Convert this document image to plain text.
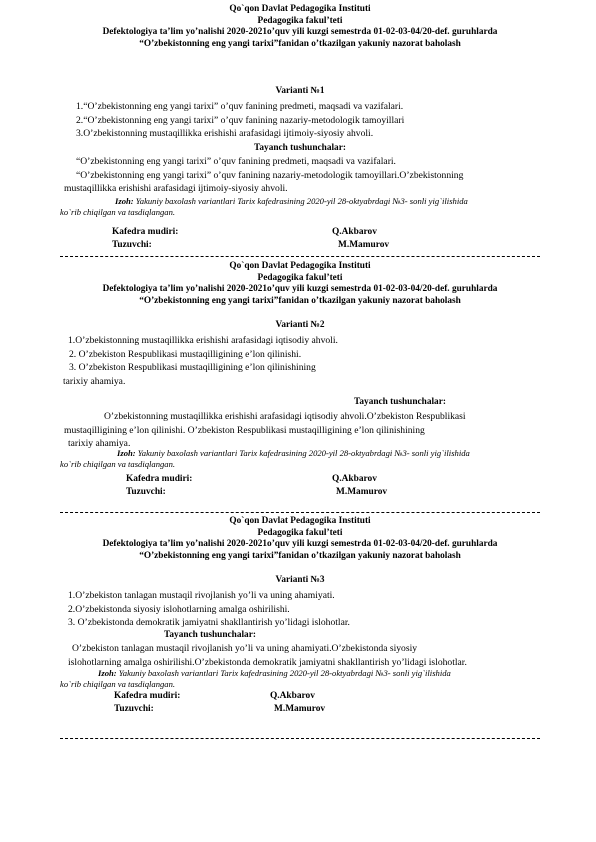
Qo`qon Davlat Pedagogika Instituti
Pedagogika fakul’teti
Defektologiya ta’lim yo’nalishi 2020-2021o’quv yili kuzgi semestrda 01-02-03-04/20-def. guruhlarda
“O’zbekistonning eng yangi tarixi”fanidan o’tkazilgan yakuniy nazorat baholash
Varianti №1
1.“O’zbekistonning eng yangi tarixi” o’quv fanining predmeti, maqsadi va vazifalari.
2.“O’zbekistonning eng yangi tarixi” o’quv fanining nazariy-metodologik tamoyillari
3.O’zbekistonning mustaqillikka erishishi arafasidagi ijtimoiy-siyosiy ahvoli.
Tayanch tushunchalar:
“O’zbekistonning eng yangi tarixi” o’quv fanining predmeti, maqsadi va vazifalari.
“O’zbekistonning eng yangi tarixi” o’quv fanining nazariy-metodologik tamoyillari.O’zbekistonning
mustaqillikka erishishi arafasidagi ijtimoiy-siyosiy ahvoli.
Izoh: Yakuniy baxolash variantlari Tarix kafedrasining 2020-yil 28-oktyabrdagi №3- sonli yig`ilishida
ko`rib chiqilgan va tasdiqlangan.
Kafedra mudiri:	Q.Akbarov
Tuzuvchi:	M.Mamurov
Qo`qon Davlat Pedagogika Instituti
Pedagogika fakul’teti
Defektologiya ta’lim yo’nalishi 2020-2021o’quv yili kuzgi semestrda 01-02-03-04/20-def. guruhlarda
“O’zbekistonning eng yangi tarixi”fanidan o’tkazilgan yakuniy nazorat baholash
Varianti №2
1.O’zbekistonning mustaqillikka erishishi arafasidagi iqtisodiy ahvoli.
2. O’zbekiston Respublikasi mustaqilligining e’lon qilinishi.
3. O’zbekiston Respublikasi mustaqilligining e’lon qilinishining
tarixiy ahamiya.
Tayanch tushunchalar:
O’zbekistonning mustaqillikka erishishi arafasidagi iqtisodiy ahvoli.O’zbekiston Respublikasi
mustaqilligining e’lon qilinishi. O’zbekiston Respublikasi mustaqilligining e’lon qilinishining
tarixiy ahamiya.
Izoh: Yakuniy baxolash variantlari Tarix kafedrasining 2020-yil 28-oktyabrdagi №3- sonli yig`ilishida
ko`rib chiqilgan va tasdiqlangan.
Kafedra mudiri:	Q.Akbarov
Tuzuvchi:	M.Mamurov
Qo`qon Davlat Pedagogika Instituti
Pedagogika fakul’teti
Defektologiya ta’lim yo’nalishi 2020-2021o’quv yili kuzgi semestrda 01-02-03-04/20-def. guruhlarda
“O’zbekistonning eng yangi tarixi”fanidan o’tkazilgan yakuniy nazorat baholash
Varianti №3
1.O’zbekiston tanlagan mustaqil rivojlanish yo’li va uning ahamiyati.
2.O’zbekistonda siyosiy islohotlarning amalga oshirilishi.
3. O’zbekistonda demokratik jamiyatni shakllantirish yo’lidagi islohotlar.
Tayanch tushunchalar:
O’zbekiston tanlagan mustaqil rivojlanish yo’li va uning ahamiyati.O’zbekistonda siyosiy
islohotlarning amalga oshirilishi.O’zbekistonda demokratik jamiyatni shakllantirish yo’lidagi islohotlar.
Izoh: Yakuniy baxolash variantlari Tarix kafedrasining 2020-yil 28-oktyabrdagi №3- sonli yig`ilishida
ko`rib chiqilgan va tasdiqlangan.
Kafedra mudiri:	Q.Akbarov
Tuzuvchi:	M.Mamurov
